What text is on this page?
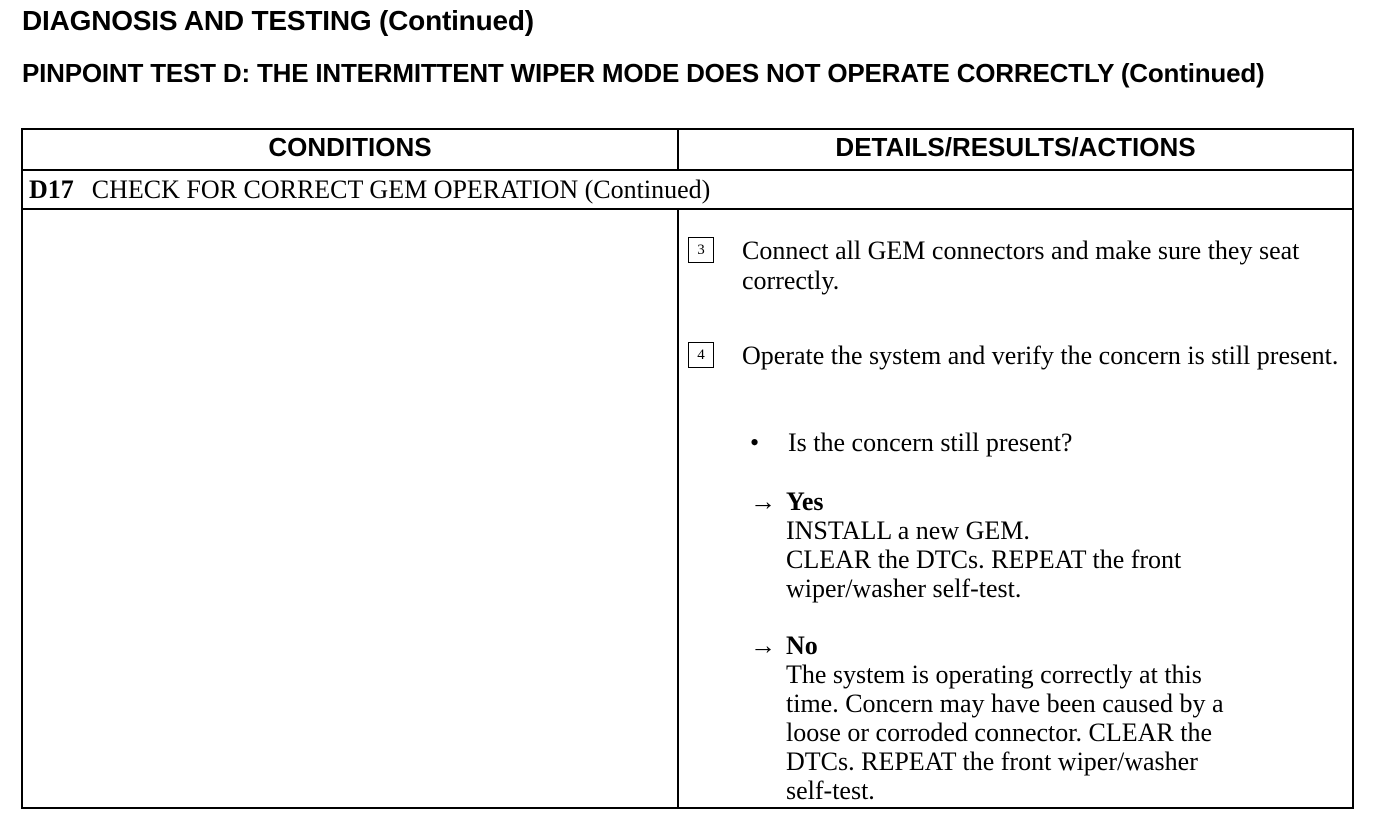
DIAGNOSIS AND TESTING (Continued)
PINPOINT TEST D: THE INTERMITTENT WIPER MODE DOES NOT OPERATE CORRECTLY (Continued)
CONDITIONS	DETAILS/RESULTS/ACTIONS
D17 CHECK FOR CORRECT GEM OPERATION (Continued)
3	Connect all GEM connectors and make sure they seat correctly.
4	Operate the system and verify the concern is still present.
• Is the concern still present?
→ Yes
INSTALL a new GEM.
CLEAR the DTCs. REPEAT the front
wiper/washer self-test.
→ No
The system is operating correctly at this
time. Concern may have been caused by a
loose or corroded connector. CLEAR the
DTCs. REPEAT the front wiper/washer
self-test.
